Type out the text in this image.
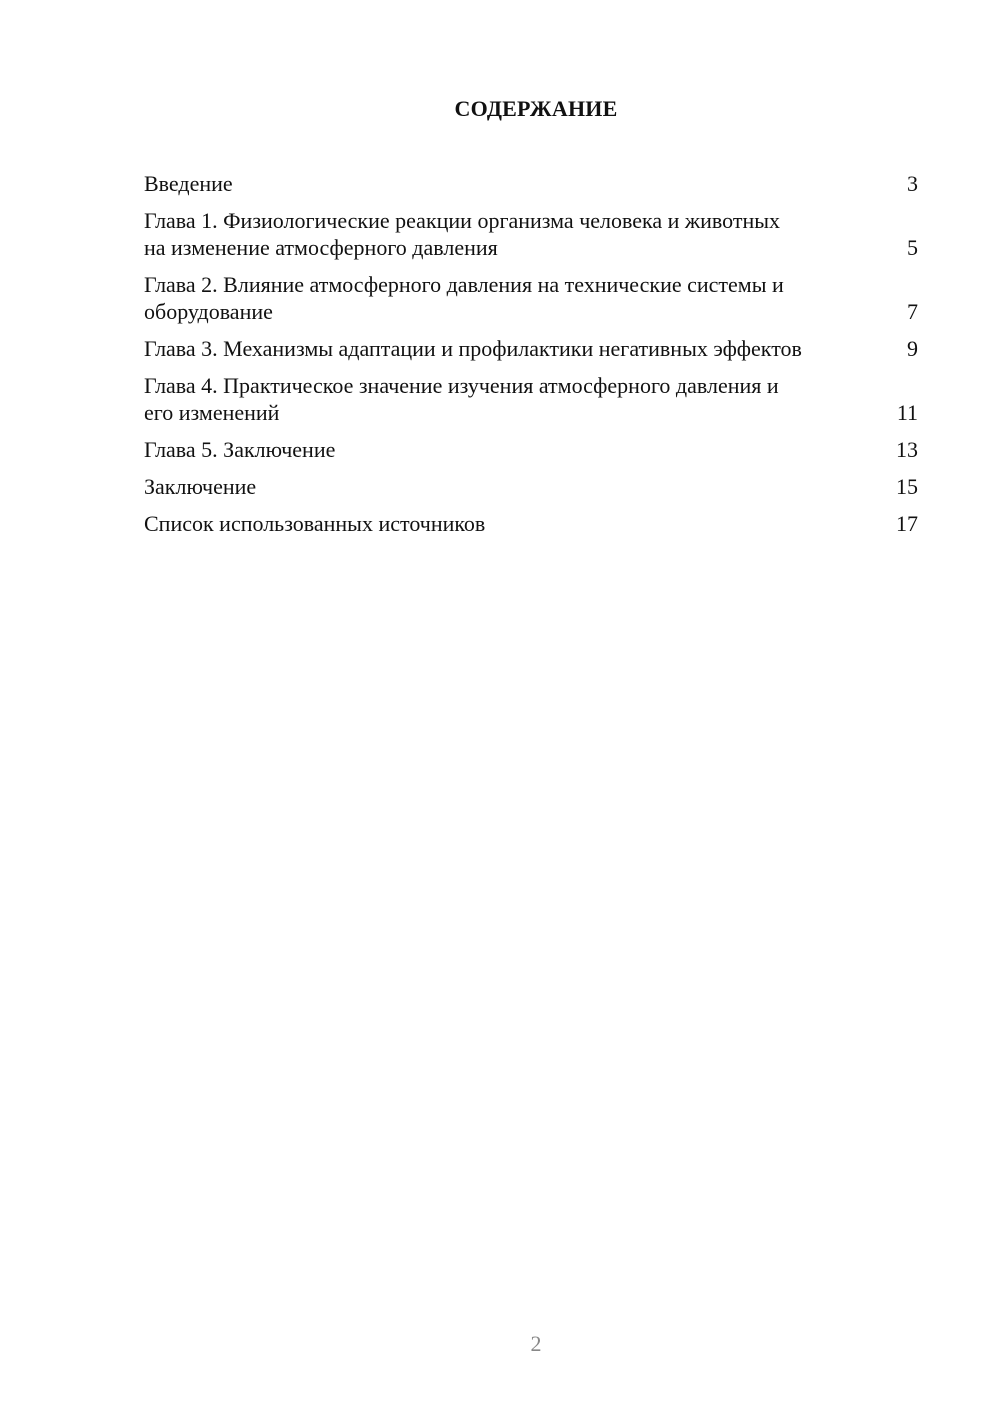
СОДЕРЖАНИЕ
Введение	3
Глава 1. Физиологические реакции организма человека и животных на изменение атмосферного давления	5
Глава 2. Влияние атмосферного давления на технические системы и оборудование	7
Глава 3. Механизмы адаптации и профилактики негативных эффектов	9
Глава 4. Практическое значение изучения атмосферного давления и его изменений	11
Глава 5. Заключение	13
Заключение	15
Список использованных источников	17
2
